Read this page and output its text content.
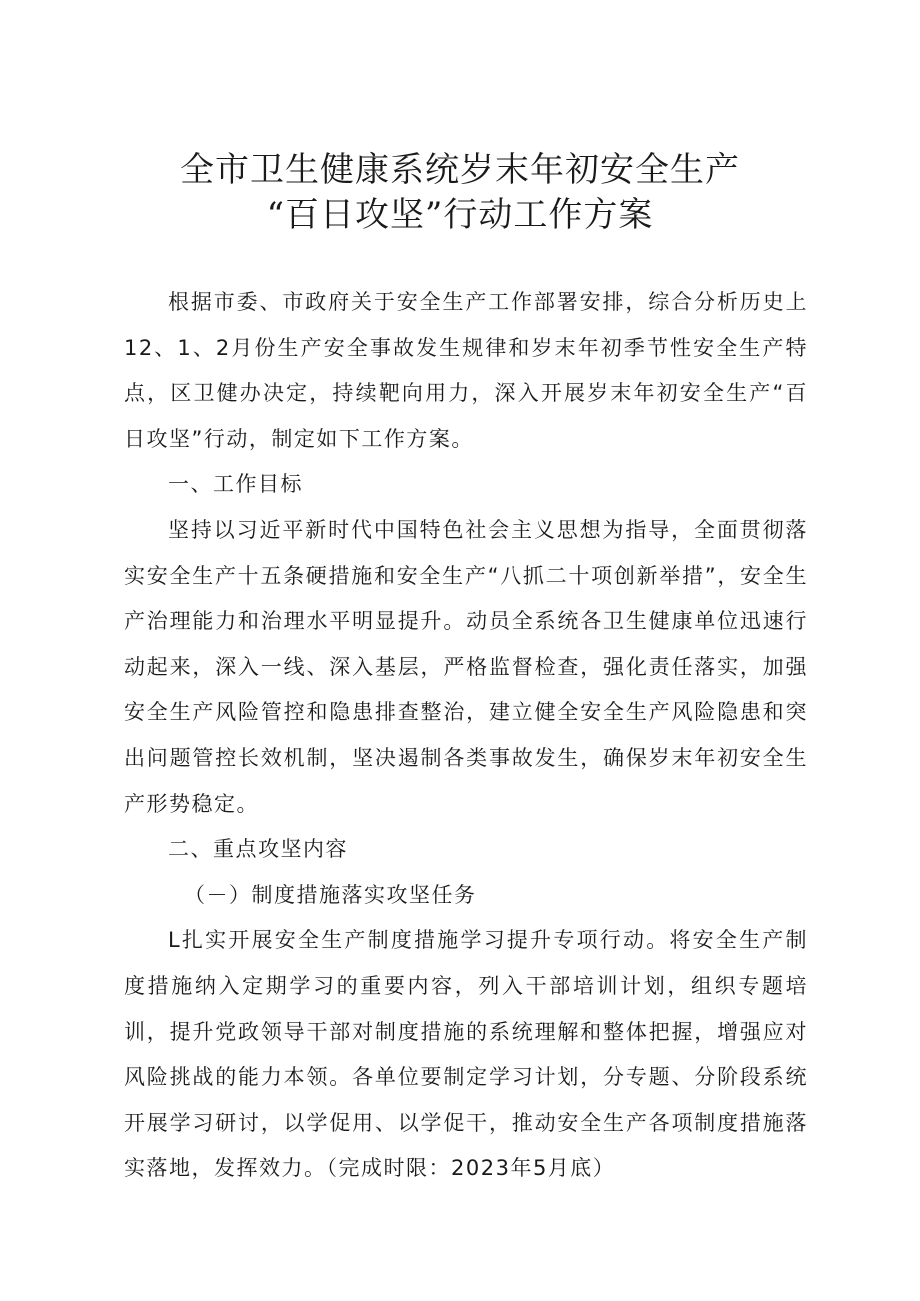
全市卫生健康系统岁末年初安全生产
“百日攻坚”行动工作方案

根据市委、市政府关于安全生产工作部署安排，综合分析历史上12、1、2月份生产安全事故发生规律和岁末年初季节性安全生产特点，区卫健办决定，持续靶向用力，深入开展岁末年初安全生产“百日攻坚”行动，制定如下工作方案。

一、工作目标

坚持以习近平新时代中国特色社会主义思想为指导，全面贯彻落实安全生产十五条硬措施和安全生产“八抓二十项创新举措”，安全生产治理能力和治理水平明显提升。动员全系统各卫生健康单位迅速行动起来，深入一线、深入基层，严格监督检查，强化责任落实，加强安全生产风险管控和隐患排查整治，建立健全安全生产风险隐患和突出问题管控长效机制，坚决遏制各类事故发生，确保岁末年初安全生产形势稳定。

二、重点攻坚内容

（－）制度措施落实攻坚任务

L扎实开展安全生产制度措施学习提升专项行动。将安全生产制度措施纳入定期学习的重要内容，列入干部培训计划，组织专题培训，提升党政领导干部对制度措施的系统理解和整体把握，增强应对风险挑战的能力本领。各单位要制定学习计划，分专题、分阶段系统开展学习研讨，以学促用、以学促干，推动安全生产各项制度措施落实落地，发挥效力。（完成时限：2023年5月底）
